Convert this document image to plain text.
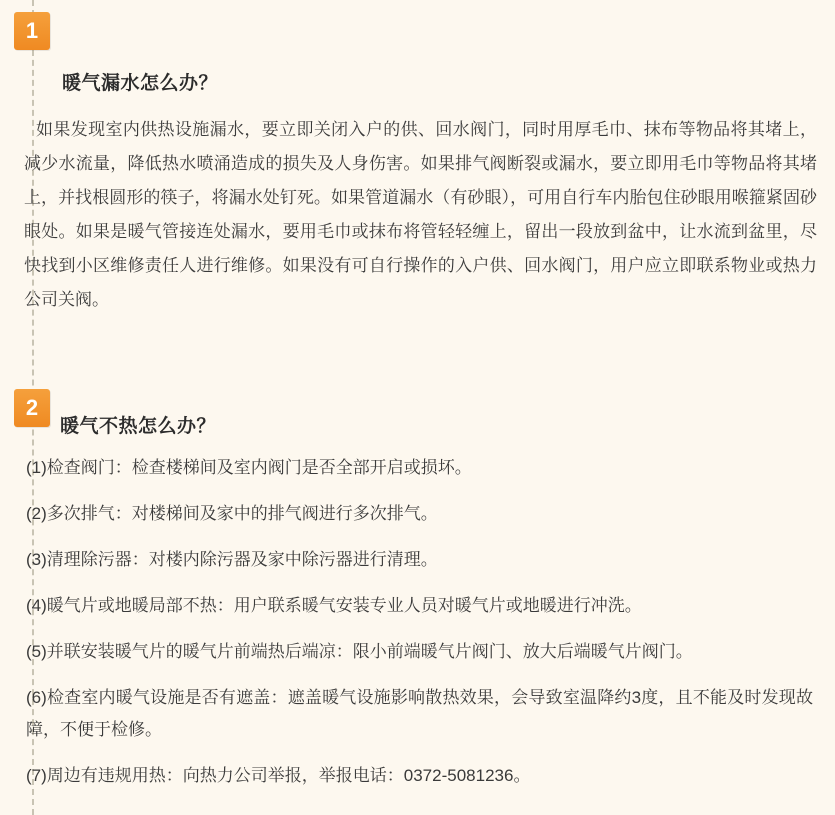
1
暖气漏水怎么办？

如果发现室内供热设施漏水，要立即关闭入户的供、回水阀门，同时用厚毛巾、抹布等物品将其堵上，减少水流量，降低热水喷涌造成的损失及人身伤害。如果排气阀断裂或漏水，要立即用毛巾等物品将其堵上，并找根圆形的筷子，将漏水处钉死。如果管道漏水（有砂眼），可用自行车内胎包住砂眼用喉箍紧固砂眼处。如果是暖气管接连处漏水，要用毛巾或抹布将管轻轻缠上，留出一段放到盆中，让水流到盆里，尽快找到小区维修责任人进行维修。如果没有可自行操作的入户供、回水阀门，用户应立即联系物业或热力公司关阀。

2
暖气不热怎么办？
(1)检查阀门：检查楼梯间及室内阀门是否全部开启或损坏。
(2)多次排气：对楼梯间及家中的排气阀进行多次排气。
(3)清理除污器：对楼内除污器及家中除污器进行清理。
(4)暖气片或地暖局部不热：用户联系暖气安装专业人员对暖气片或地暖进行冲洗。
(5)并联安装暖气片的暖气片前端热后端凉：限小前端暖气片阀门、放大后端暖气片阀门。
(6)检查室内暖气设施是否有遮盖：遮盖暖气设施影响散热效果，会导致室温降约3度，且不能及时发现故障，不便于检修。
(7)周边有违规用热：向热力公司举报，举报电话：0372-5081236。
